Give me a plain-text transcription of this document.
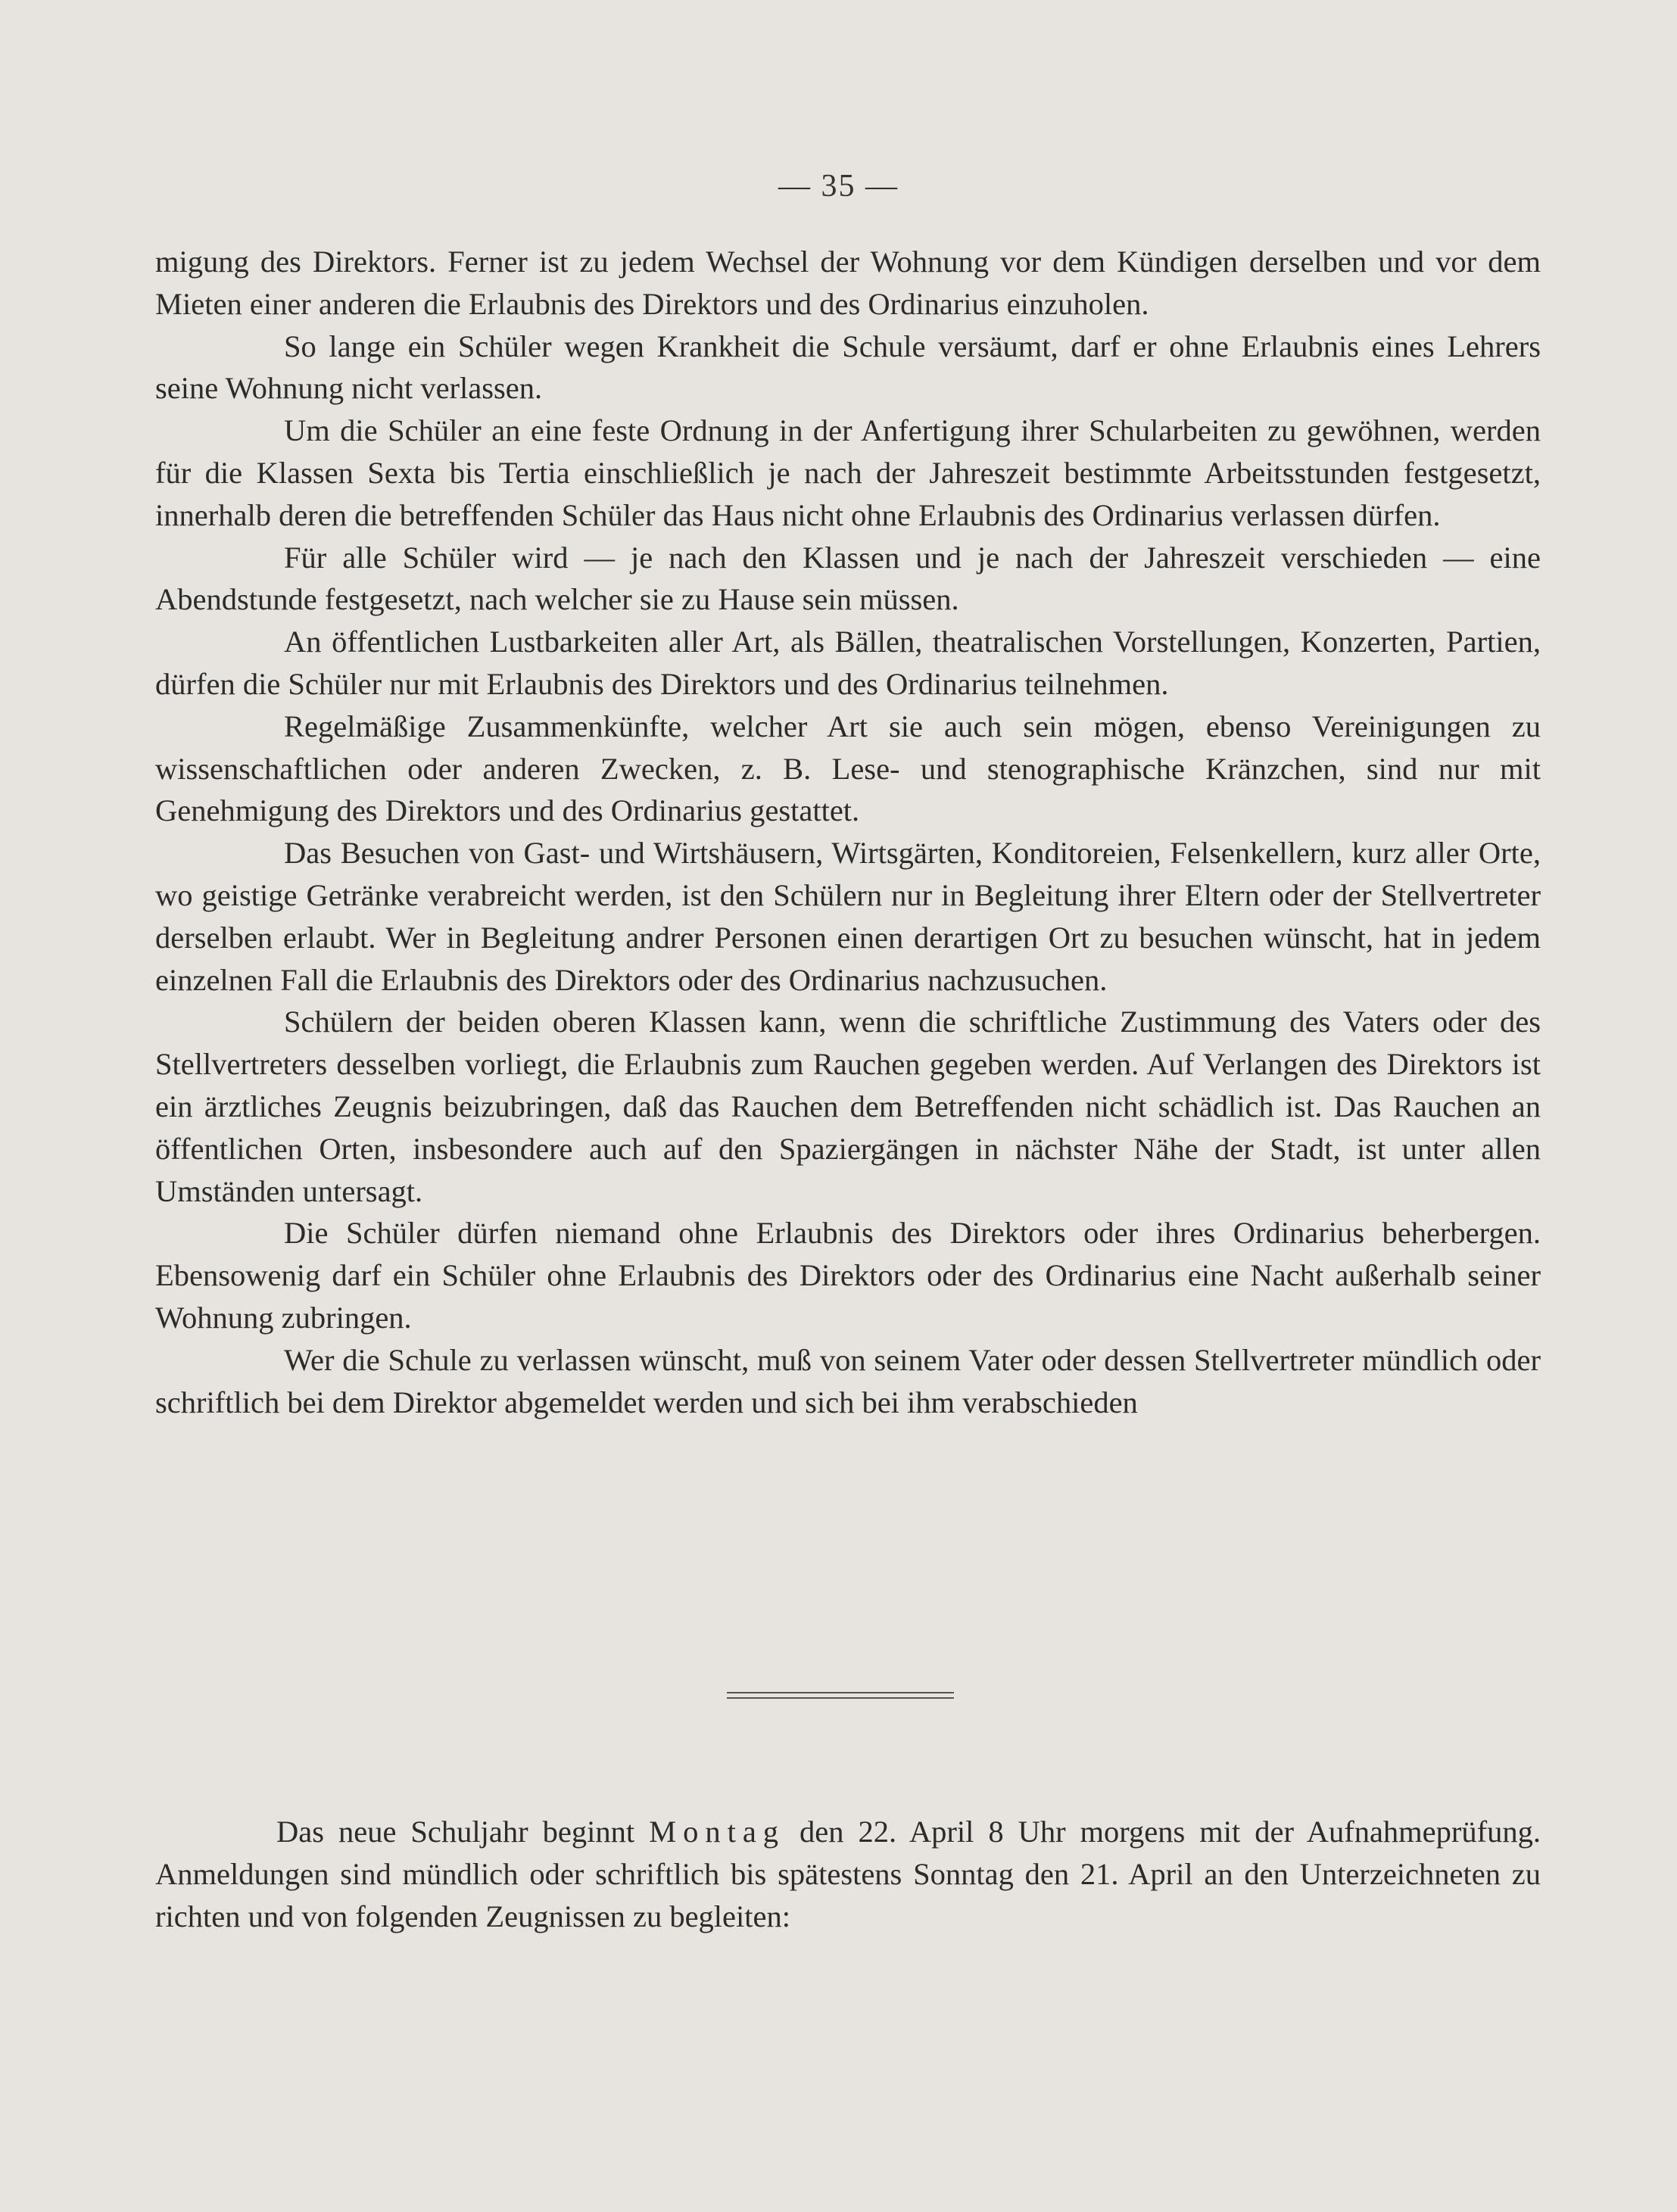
— 35 —

migung des Direktors. Ferner ist zu jedem Wechsel der Wohnung vor dem Kündigen derselben und vor dem Mieten einer anderen die Erlaubnis des Direktors und des Ordinarius einzuholen.

So lange ein Schüler wegen Krankheit die Schule versäumt, darf er ohne Erlaubnis eines Lehrers seine Wohnung nicht verlassen.

Um die Schüler an eine feste Ordnung in der Anfertigung ihrer Schularbeiten zu gewöhnen, werden für die Klassen Sexta bis Tertia einschließlich je nach der Jahreszeit bestimmte Arbeitsstunden festgesetzt, innerhalb deren die betreffenden Schüler das Haus nicht ohne Erlaubnis des Ordinarius verlassen dürfen.

Für alle Schüler wird — je nach den Klassen und je nach der Jahreszeit verschieden — eine Abendstunde festgesetzt, nach welcher sie zu Hause sein müssen.

An öffentlichen Lustbarkeiten aller Art, als Bällen, theatralischen Vorstellungen, Konzerten, Partien, dürfen die Schüler nur mit Erlaubnis des Direktors und des Ordinarius teilnehmen.

Regelmäßige Zusammenkünfte, welcher Art sie auch sein mögen, ebenso Vereinigungen zu wissenschaftlichen oder anderen Zwecken, z. B. Lese- und stenographische Kränzchen, sind nur mit Genehmigung des Direktors und des Ordinarius gestattet.

Das Besuchen von Gast- und Wirtshäusern, Wirtsgärten, Konditoreien, Felsenkellern, kurz aller Orte, wo geistige Getränke verabreicht werden, ist den Schülern nur in Begleitung ihrer Eltern oder der Stellvertreter derselben erlaubt. Wer in Begleitung andrer Personen einen derartigen Ort zu besuchen wünscht, hat in jedem einzelnen Fall die Erlaubnis des Direktors oder des Ordinarius nachzusuchen.

Schülern der beiden oberen Klassen kann, wenn die schriftliche Zustimmung des Vaters oder des Stellvertreters desselben vorliegt, die Erlaubnis zum Rauchen gegeben werden. Auf Verlangen des Direktors ist ein ärztliches Zeugnis beizubringen, daß das Rauchen dem Betreffenden nicht schädlich ist. Das Rauchen an öffentlichen Orten, insbesondere auch auf den Spaziergängen in nächster Nähe der Stadt, ist unter allen Umständen untersagt.

Die Schüler dürfen niemand ohne Erlaubnis des Direktors oder ihres Ordinarius beherbergen. Ebensowenig darf ein Schüler ohne Erlaubnis des Direktors oder des Ordinarius eine Nacht außerhalb seiner Wohnung zubringen.

Wer die Schule zu verlassen wünscht, muß von seinem Vater oder dessen Stellvertreter mündlich oder schriftlich bei dem Direktor abgemeldet werden und sich bei ihm verabschieden

Das neue Schuljahr beginnt Montag den 22. April 8 Uhr morgens mit der Aufnahmeprüfung. Anmeldungen sind mündlich oder schriftlich bis spätestens Sonntag den 21. April an den Unterzeichneten zu richten und von folgenden Zeugnissen zu begleiten:
